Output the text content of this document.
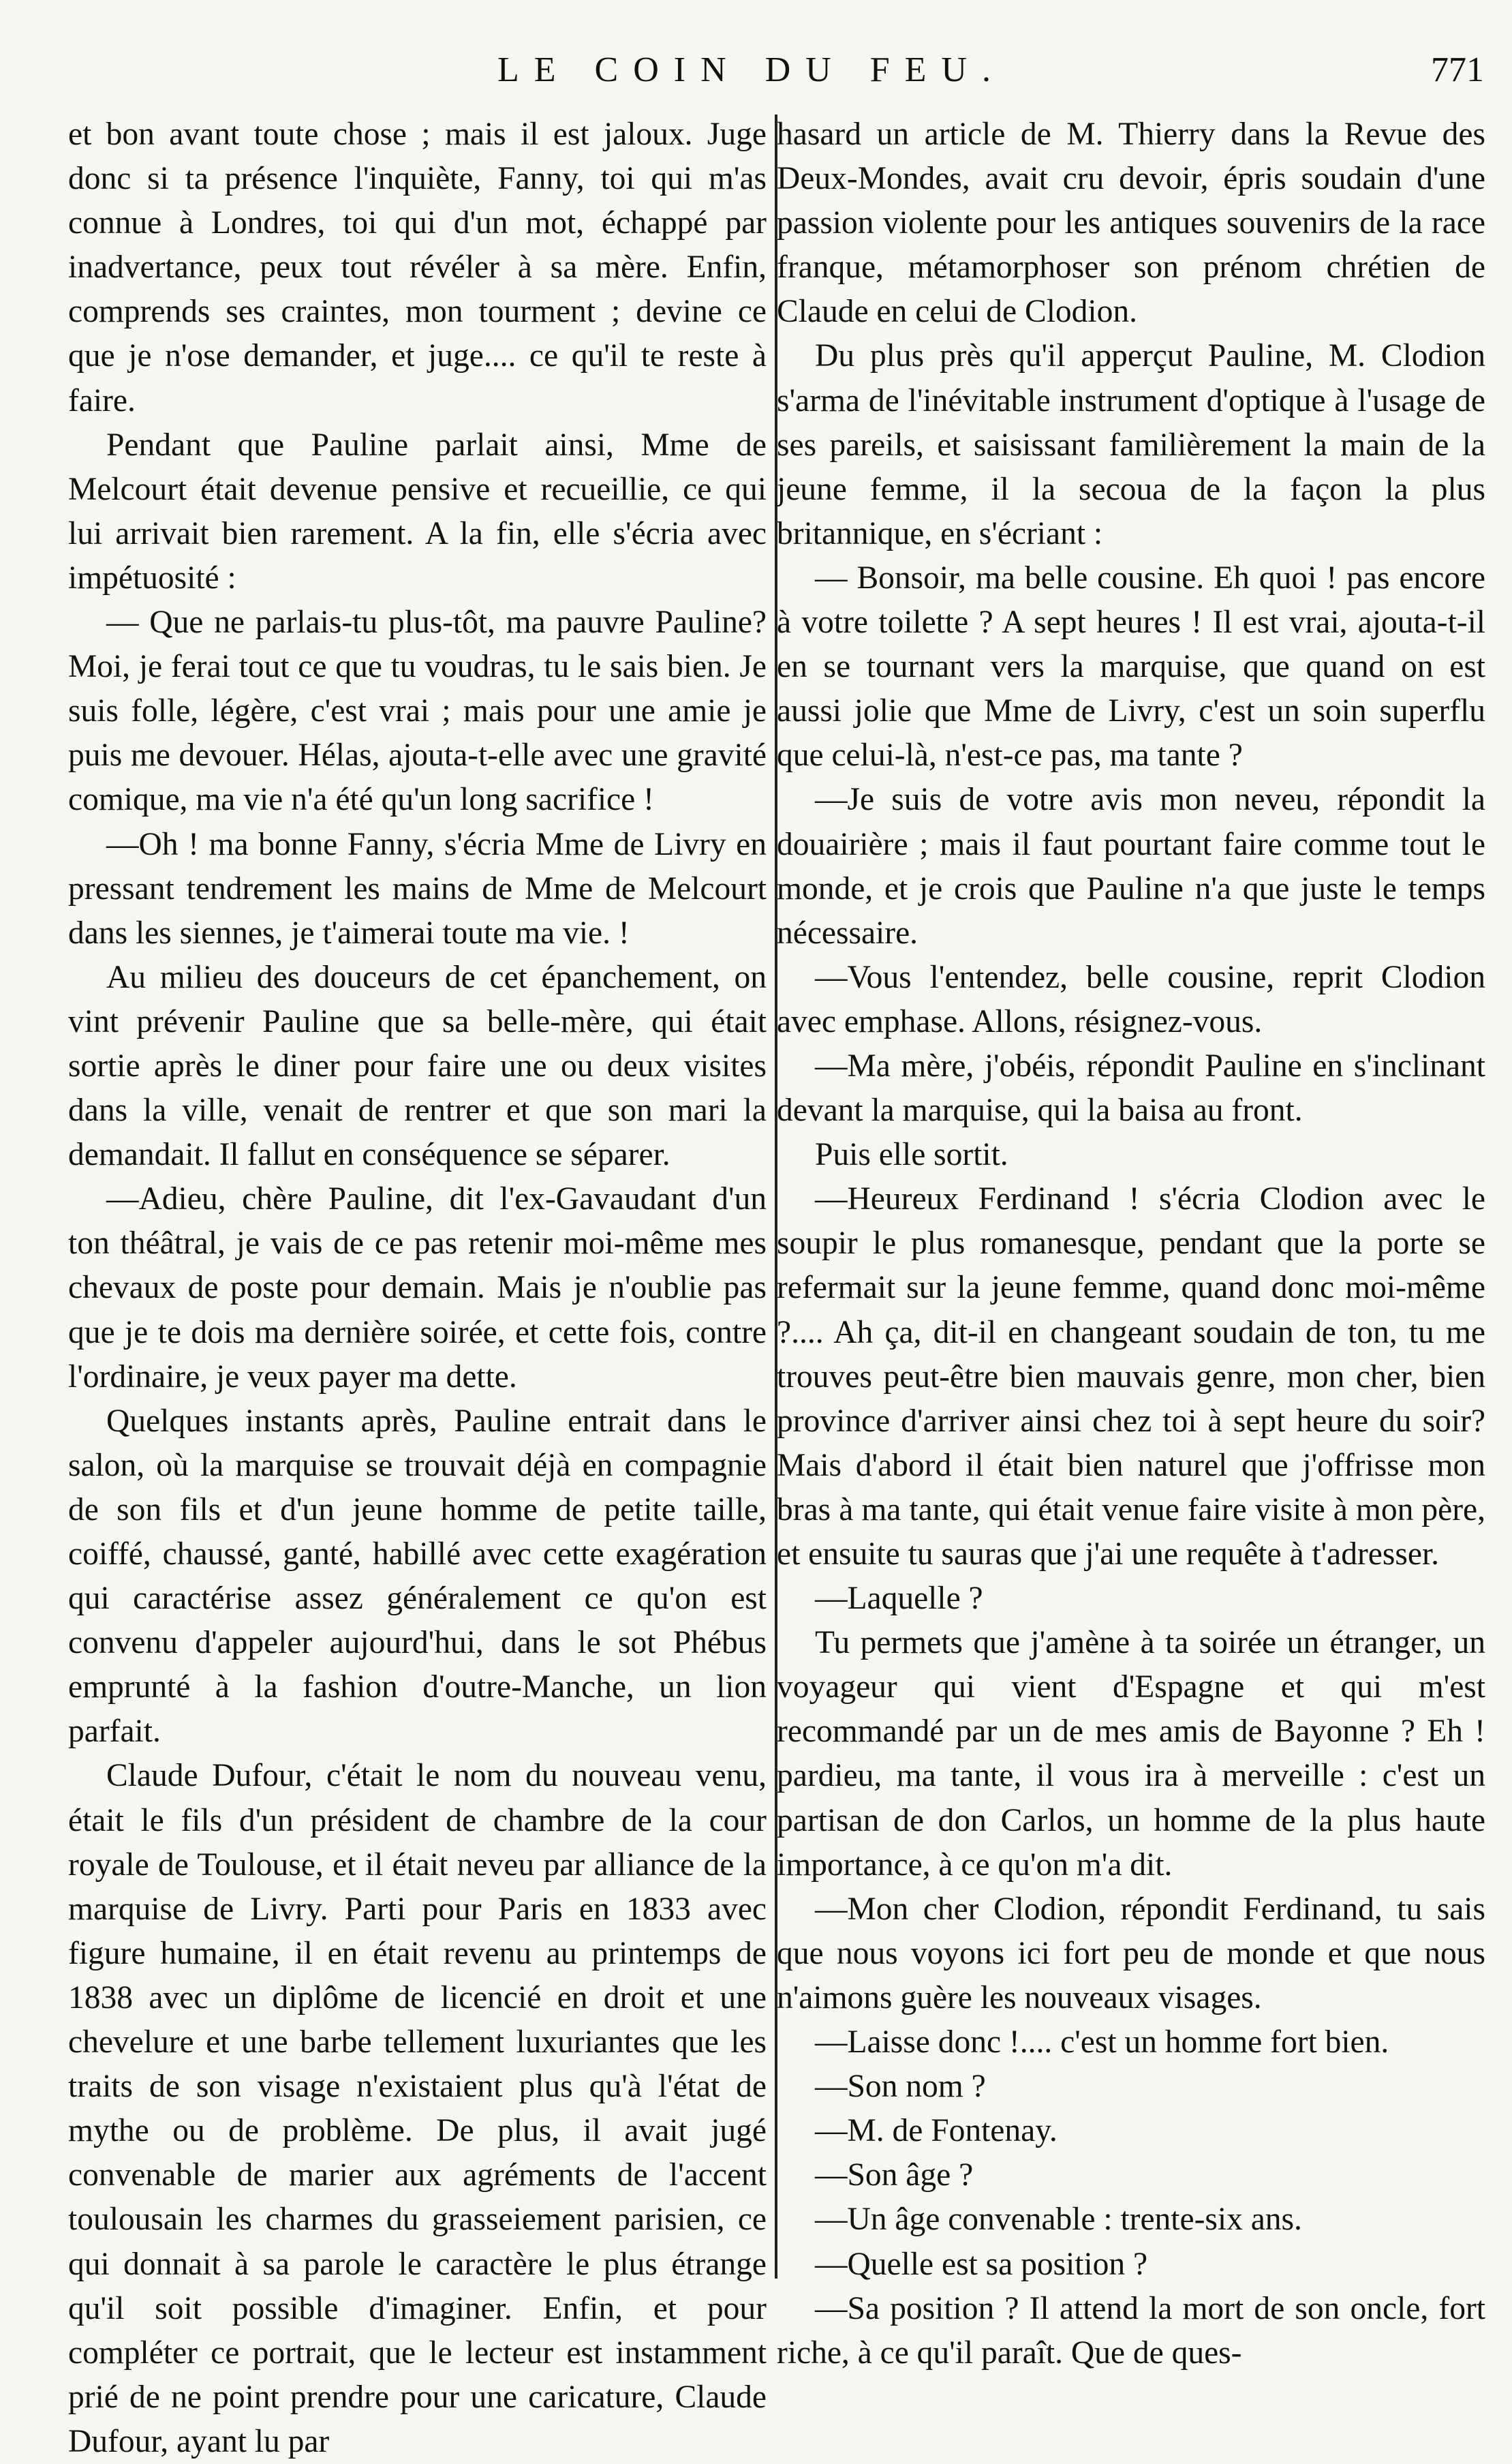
LE COIN DU FEU.	771

et bon avant toute chose ; mais il est jaloux. Juge donc si ta présence l'inquiète, Fanny, toi qui m'as connue à Londres, toi qui d'un mot, échappé par inadvertance, peux tout révéler à sa mère. Enfin, comprends ses craintes, mon tourment ; devine ce que je n'ose demander, et juge.... ce qu'il te reste à faire.

Pendant que Pauline parlait ainsi, Mme de Melcourt était devenue pensive et recueillie, ce qui lui arrivait bien rarement. A la fin, elle s'écria avec impétuosité :

— Que ne parlais-tu plus-tôt, ma pauvre Pauline? Moi, je ferai tout ce que tu voudras, tu le sais bien. Je suis folle, légère, c'est vrai ; mais pour une amie je puis me devouer. Hélas, ajouta-t-elle avec une gravité comique, ma vie n'a été qu'un long sacrifice !

—Oh ! ma bonne Fanny, s'écria Mme de Livry en pressant tendrement les mains de Mme de Melcourt dans les siennes, je t'aimerai toute ma vie. !

Au milieu des douceurs de cet épanchement, on vint prévenir Pauline que sa belle-mère, qui était sortie après le diner pour faire une ou deux visites dans la ville, venait de rentrer et que son mari la demandait. Il fallut en conséquence se séparer.

—Adieu, chère Pauline, dit l'ex-Gavaudant d'un ton théâtral, je vais de ce pas retenir moi-même mes chevaux de poste pour demain. Mais je n'oublie pas que je te dois ma dernière soirée, et cette fois, contre l'ordinaire, je veux payer ma dette.

Quelques instants après, Pauline entrait dans le salon, où la marquise se trouvait déjà en compagnie de son fils et d'un jeune homme de petite taille, coiffé, chaussé, ganté, habillé avec cette exagération qui caractérise assez généralement ce qu'on est convenu d'appeler aujourd'hui, dans le sot Phébus emprunté à la fashion d'outre-Manche, un lion parfait.

Claude Dufour, c'était le nom du nouveau venu, était le fils d'un président de chambre de la cour royale de Toulouse, et il était neveu par alliance de la marquise de Livry. Parti pour Paris en 1833 avec figure humaine, il en était revenu au printemps de 1838 avec un diplôme de licencié en droit et une chevelure et une barbe tellement luxuriantes que les traits de son visage n'existaient plus qu'à l'état de mythe ou de problème. De plus, il avait jugé convenable de marier aux agréments de l'accent toulousain les charmes du grasseiement parisien, ce qui donnait à sa parole le caractère le plus étrange qu'il soit possible d'imaginer. Enfin, et pour compléter ce portrait, que le lecteur est instamment prié de ne point prendre pour une caricature, Claude Dufour, ayant lu par

hasard un article de M. Thierry dans la Revue des Deux-Mondes, avait cru devoir, épris soudain d'une passion violente pour les antiques souvenirs de la race franque, métamorphoser son prénom chrétien de Claude en celui de Clodion.

Du plus près qu'il apperçut Pauline, M. Clodion s'arma de l'inévitable instrument d'optique à l'usage de ses pareils, et saisissant familièrement la main de la jeune femme, il la secoua de la façon la plus britannique, en s'écriant :

— Bonsoir, ma belle cousine. Eh quoi ! pas encore à votre toilette ? A sept heures ! Il est vrai, ajouta-t-il en se tournant vers la marquise, que quand on est aussi jolie que Mme de Livry, c'est un soin superflu que celui-là, n'est-ce pas, ma tante ?

—Je suis de votre avis mon neveu, répondit la douairière ; mais il faut pourtant faire comme tout le monde, et je crois que Pauline n'a que juste le temps nécessaire.

—Vous l'entendez, belle cousine, reprit Clodion avec emphase. Allons, résignez-vous.

—Ma mère, j'obéis, répondit Pauline en s'inclinant devant la marquise, qui la baisa au front.

Puis elle sortit.

—Heureux Ferdinand ! s'écria Clodion avec le soupir le plus romanesque, pendant que la porte se refermait sur la jeune femme, quand donc moi-même ?.... Ah ça, dit-il en changeant soudain de ton, tu me trouves peut-être bien mauvais genre, mon cher, bien province d'arriver ainsi chez toi à sept heure du soir? Mais d'abord il était bien naturel que j'offrisse mon bras à ma tante, qui était venue faire visite à mon père, et ensuite tu sauras que j'ai une requête à t'adresser.

—Laquelle ?

Tu permets que j'amène à ta soirée un étranger, un voyageur qui vient d'Espagne et qui m'est recommandé par un de mes amis de Bayonne ? Eh ! pardieu, ma tante, il vous ira à merveille : c'est un partisan de don Carlos, un homme de la plus haute importance, à ce qu'on m'a dit.

—Mon cher Clodion, répondit Ferdinand, tu sais que nous voyons ici fort peu de monde et que nous n'aimons guère les nouveaux visages.

—Laisse donc !.... c'est un homme fort bien.

—Son nom ?

—M. de Fontenay.

—Son âge ?

—Un âge convenable : trente-six ans.

—Quelle est sa position ?

—Sa position ? Il attend la mort de son oncle, fort riche, à ce qu'il paraît. Que de ques-
